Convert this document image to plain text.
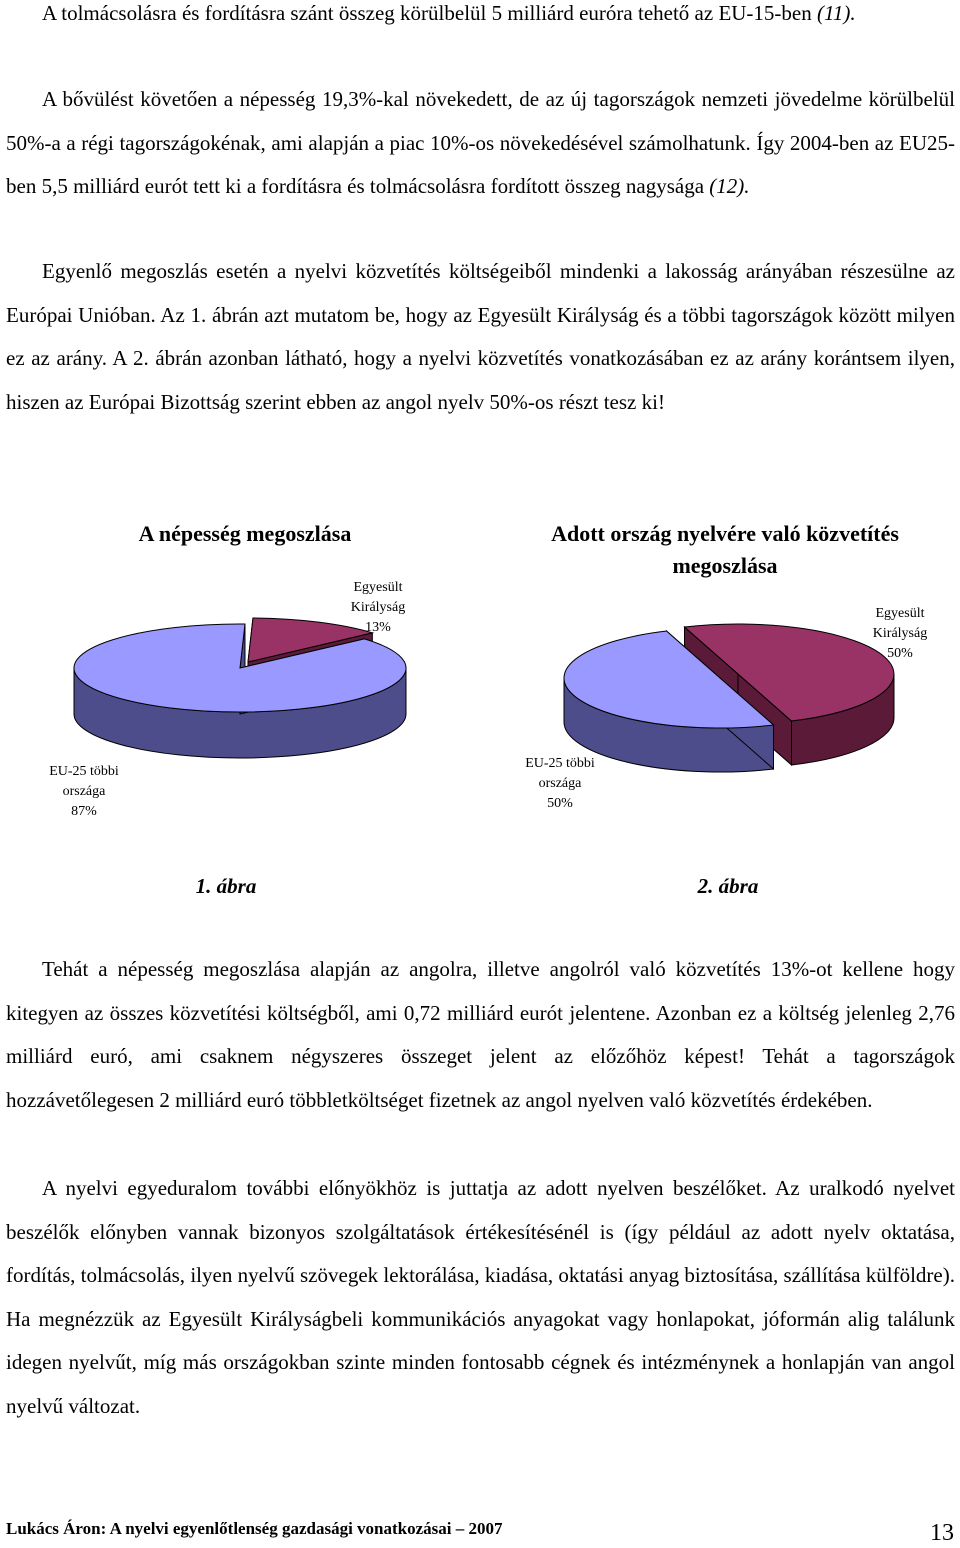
A tolmácsolásra és fordításra szánt összeg körülbelül 5 milliárd euróra tehető az EU-15-ben (11).

A bővülést követően a népesség 19,3%-kal növekedett, de az új tagországok nemzeti jövedelme körülbelül 50%-a a régi tagországokénak, ami alapján a piac 10%-os növekedésével számolhatunk. Így 2004-ben az EU25-ben 5,5 milliárd eurót tett ki a fordításra és tolmácsolásra fordított összeg nagysága (12).

Egyenlő megoszlás esetén a nyelvi közvetítés költségeiből mindenki a lakosság arányában részesülne az Európai Unióban. Az 1. ábrán azt mutatom be, hogy az Egyesült Királyság és a többi tagországok között milyen ez az arány. A 2. ábrán azonban látható, hogy a nyelvi közvetítés vonatkozásában ez az arány korántsem ilyen, hiszen az Európai Bizottság szerint ebben az angol nyelv 50%-os részt tesz ki!

A népesség megoszlása
Egyesült
Királyság
13%
EU-25 többi
országa
87%
Adott ország nyelvére való közvetítés megoszlása
Egyesült
Királyság
50%
EU-25 többi
országa
50%
1. ábra	2. ábra

Tehát a népesség megoszlása alapján az angolra, illetve angolról való közvetítés 13%-ot kellene hogy kitegyen az összes közvetítési költségből, ami 0,72 milliárd eurót jelentene. Azonban ez a költség jelenleg 2,76 milliárd euró, ami csaknem négyszeres összeget jelent az előzőhöz képest! Tehát a tagországok hozzávetőlegesen 2 milliárd euró többletköltséget fizetnek az angol nyelven való közvetítés érdekében.

A nyelvi egyeduralom további előnyökhöz is juttatja az adott nyelven beszélőket. Az uralkodó nyelvet beszélők előnyben vannak bizonyos szolgáltatások értékesítésénél is (így például az adott nyelv oktatása, fordítás, tolmácsolás, ilyen nyelvű szövegek lektorálása, kiadása, oktatási anyag biztosítása, szállítása külföldre). Ha megnézzük az Egyesült Királyságbeli kommunikációs anyagokat vagy honlapokat, jóformán alig találunk idegen nyelvűt, míg más országokban szinte minden fontosabb cégnek és intézménynek a honlapján van angol nyelvű változat.

Lukács Áron: A nyelvi egyenlőtlenség gazdasági vonatkozásai – 2007	13
